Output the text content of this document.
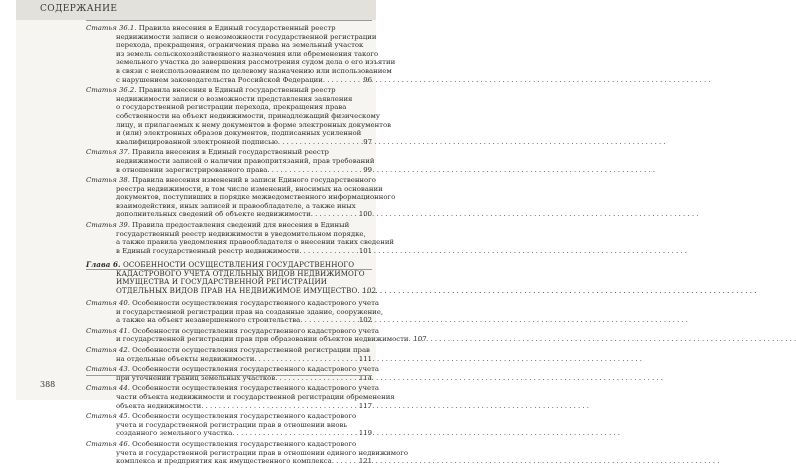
СОДЕРЖАНИЕ
Статья 36.1.
Правила внесения в Единый государственный реестр
недвижимости записи о невозможности государственной регистрации
перехода, прекращения, ограничения права на земельный участок
из земель сельскохозяйственного назначения или обременения такого
земельного участка до завершения рассмотрения судом дела о его изъятии
в связи с неиспользованием по целевому назначению или использованием
с нарушением законодательства Российской Федерации . . .	96
Статья 36.2.
Правила внесения в Единый государственный реестр
недвижимости записи о возможности представления заявления
о государственной регистрации перехода, прекращения права
собственности на объект недвижимости, принадлежащий физическому
лицу, и прилагаемых к нему документов в форме электронных документов
и (или) электронных образов документов, подписанных усиленной
квалифицированной электронной подписью . . .	97
Статья 37.
Правила внесения в Единый государственный реестр
недвижимости записей о наличии правопритязаний, прав требований
в отношении зарегистрированного права . . .	99
Статья 38.
Правила внесения изменений в записи Единого государственного
реестра недвижимости, в том числе изменений, вносимых на основании
документов, поступивших в порядке межведомственного информационного
взаимодействия, иных записей и правообладателе, а также иных
дополнительных сведений об объекте недвижимости . . .	100
Статья 39.
Правила предоставления сведений для внесения в Единый
государственный реестр недвижимости в уведомительном порядке,
а также правила уведомления правообладателя о внесении таких сведений
в Единый государственный реестр недвижимости . . .	101
Глава 6.
ОСОБЕННОСТИ ОСУЩЕСТВЛЕНИЯ ГОСУДАРСТВЕННОГО
КАДАСТРОВОГО УЧЕТА ОТДЕЛЬНЫХ ВИДОВ НЕДВИЖИМОГО
ИМУЩЕСТВА И ГОСУДАРСТВЕННОЙ РЕГИСТРАЦИИ
ОТДЕЛЬНЫХ ВИДОВ ПРАВ НА НЕДВИЖИМОЕ ИМУЩЕСТВО . . . 102
Статья 40.
Особенности осуществления государственного кадастрового учета
и государственной регистрации прав на созданные здание, сооружение,
а также на объект незавершенного строительства . . .	102
Статья 41.
Особенности осуществления государственного кадастрового учета
и государственной регистрации прав при образовании объектов недвижимости . . . 107
Статья 42.
Особенности осуществления государственной регистрации прав
на отдельные объекты недвижимости . . .	111
Статья 43.
Особенности осуществления государственного кадастрового учета
при уточнении границ земельных участков . . .	114
Статья 44.
Особенности осуществления государственного кадастрового учета
части объекта недвижимости и государственной регистрации обременения
объекта недвижимости . . .	117
Статья 45.
Особенности осуществления государственного кадастрового
учета и государственной регистрации прав в отношении вновь
созданного земельного участка . . .	119
Статья 46.
Особенности осуществления государственного кадастрового
учета и государственной регистрации прав в отношении единого недвижимого
комплекса и предприятия как имущественного комплекса . . .	121
388
